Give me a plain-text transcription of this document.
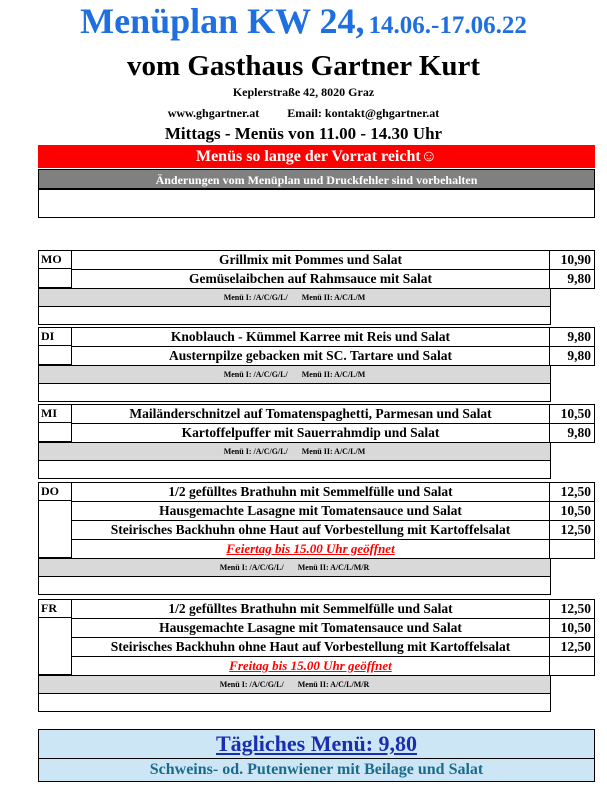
Menüplan KW 24, 14.06.-17.06.22
vom Gasthaus Gartner Kurt
Keplerstraße 42, 8020 Graz
www.ghgartner.at Email: kontakt@ghgartner.at
Mittags - Menüs von 11.00 - 14.30 Uhr
Menüs so lange der Vorrat reicht☺
Änderungen vom Menüplan und Druckfehler sind vorbehalten
MO	Grillmix mit Pommes und Salat	10,90
Gemüselaibchen auf Rahmsauce mit Salat	9,80
Menü I: /A/C/G/L/ Menü II: A/C/L/M
DI	Knoblauch - Kümmel Karree mit Reis und Salat	9,80
Austernpilze gebacken mit SC. Tartare und Salat	9,80
Menü I: /A/C/G/L/ Menü II: A/C/L/M
MI	Mailänderschnitzel auf Tomatenspaghetti, Parmesan und Salat	10,50
Kartoffelpuffer mit Sauerrahmdip und Salat	9,80
Menü I: /A/C/G/L/ Menü II: A/C/L/M
DO	1/2 gefülltes Brathuhn mit Semmelfülle und Salat	12,50
Hausgemachte Lasagne mit Tomatensauce und Salat	10,50
Steirisches Backhuhn ohne Haut auf Vorbestellung mit Kartoffelsalat	12,50
Feiertag bis 15.00 Uhr geöffnet
Menü I: /A/C/G/L/ Menü II: A/C/L/M/R
FR	1/2 gefülltes Brathuhn mit Semmelfülle und Salat	12,50
Hausgemachte Lasagne mit Tomatensauce und Salat	10,50
Steirisches Backhuhn ohne Haut auf Vorbestellung mit Kartoffelsalat	12,50
Freitag bis 15.00 Uhr geöffnet
Menü I: /A/C/G/L/ Menü II: A/C/L/M/R
Tägliches Menü: 9,80
Schweins- od. Putenwiener mit Beilage und Salat
